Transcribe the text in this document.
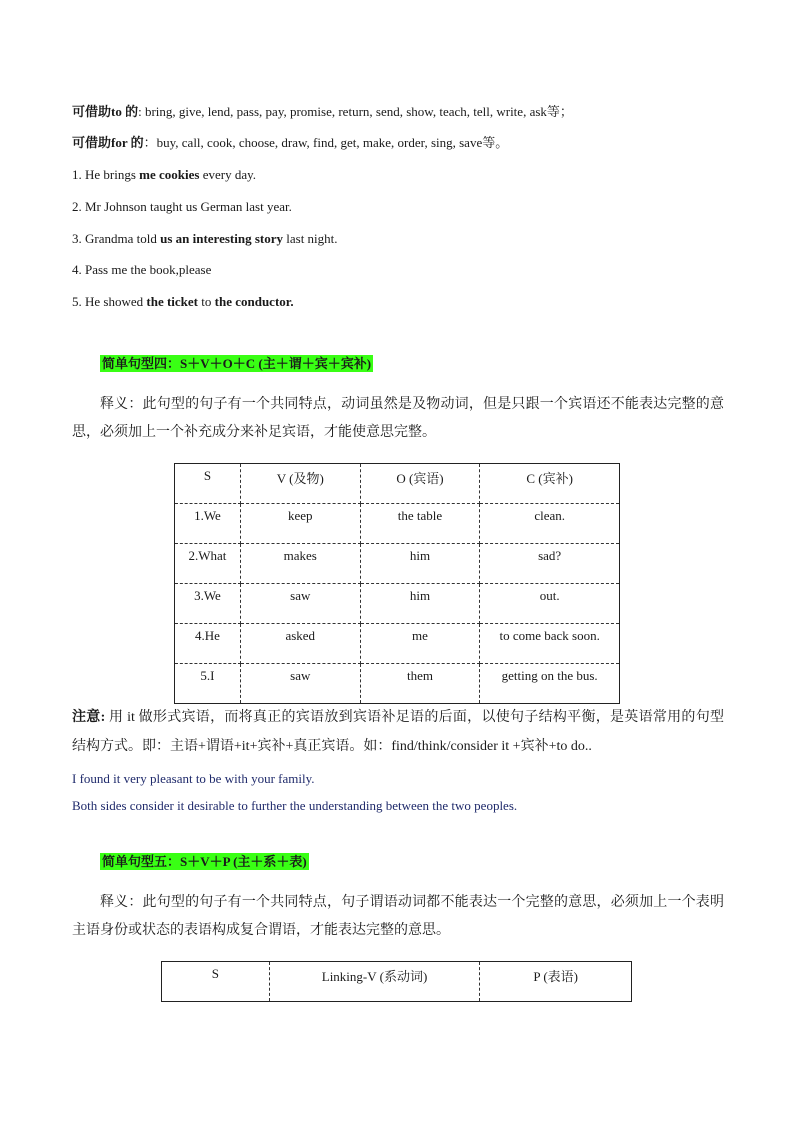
可借助to 的: bring, give, lend, pass, pay, promise, return, send, show, teach, tell, write, ask等；
可借助for 的：buy, call, cook, choose, draw, find, get, make, order, sing, save等。
1. He brings me cookies every day.
2. Mr Johnson taught us German last year.
3. Grandma told us an interesting story last night.
4. Pass me the book,please
5. He showed the ticket to the conductor.
简单句型四：S＋V＋O＋C (主＋谓＋宾＋宾补)
释义：此句型的句子有一个共同特点，动词虽然是及物动词，但是只跟一个宾语还不能表达完整的意思，必须加上一个补充成分来补足宾语，才能使意思完整。
S	V (及物)	O (宾语)	C (宾补)
1.We	keep	the table	clean.
2.What	makes	him	sad?
3.We	saw	him	out.
4.He	asked	me	to come back soon.
5.I	saw	them	getting on the bus.
注意: 用 it 做形式宾语，而将真正的宾语放到宾语补足语的后面，以使句子结构平衡，是英语常用的句型结构方式。即：主语+谓语+it+宾补+真正宾语。如：find/think/consider it +宾补+to do..
I found it very pleasant to be with your family.
Both sides consider it desirable to further the understanding between the two peoples.
简单句型五：S＋V＋P (主＋系＋表)
释义：此句型的句子有一个共同特点，句子谓语动词都不能表达一个完整的意思，必须加上一个表明主语身份或状态的表语构成复合谓语，才能表达完整的意思。
S	Linking-V (系动词)	P (表语)
